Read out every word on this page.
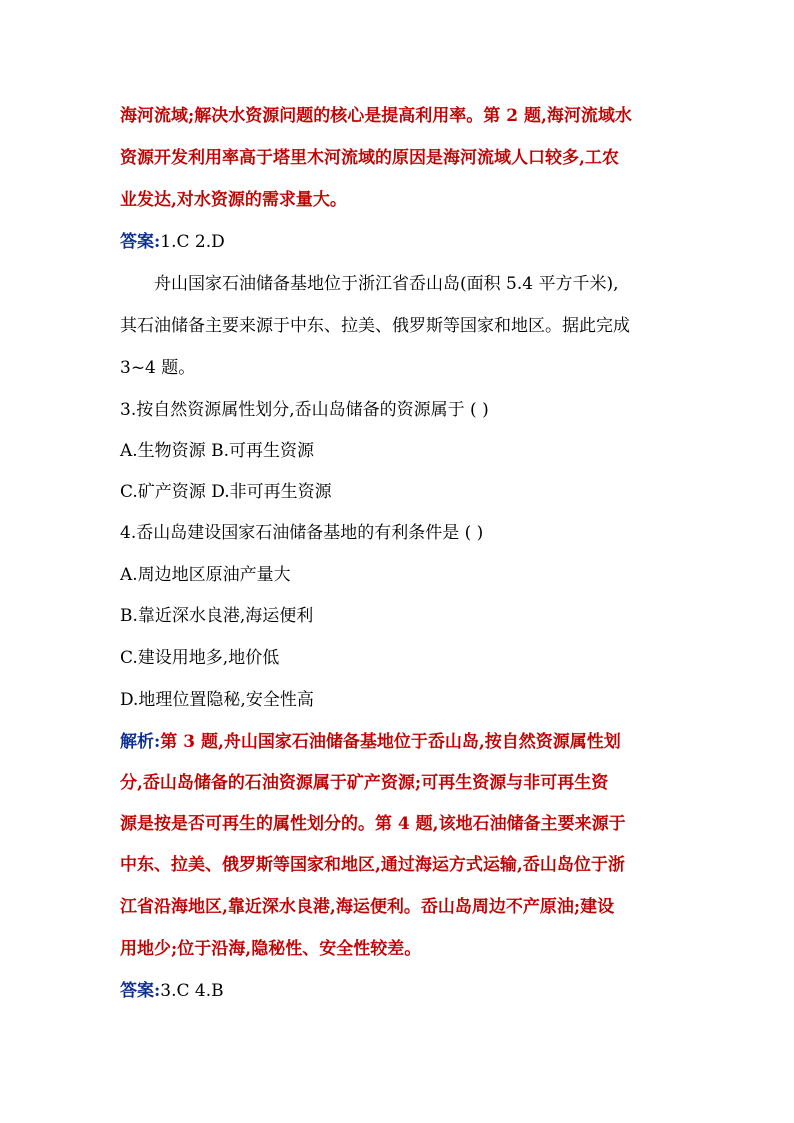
海河流域;解决水资源问题的核心是提高利用率。第 2 题,海河流域水
资源开发利用率高于塔里木河流域的原因是海河流域人口较多,工农
业发达,对水资源的需求量大。
答案:1.C 2.D
舟山国家石油储备基地位于浙江省岙山岛(面积 5.4 平方千米),
其石油储备主要来源于中东、拉美、俄罗斯等国家和地区。据此完成
3~4 题。
3.按自然资源属性划分,岙山岛储备的资源属于 ( )
A.生物资源 B.可再生资源
C.矿产资源 D.非可再生资源
4.岙山岛建设国家石油储备基地的有利条件是 ( )
A.周边地区原油产量大
B.靠近深水良港,海运便利
C.建设用地多,地价低
D.地理位置隐秘,安全性高
解析:第 3 题,舟山国家石油储备基地位于岙山岛,按自然资源属性划
分,岙山岛储备的石油资源属于矿产资源;可再生资源与非可再生资
源是按是否可再生的属性划分的。第 4 题,该地石油储备主要来源于
中东、拉美、俄罗斯等国家和地区,通过海运方式运输,岙山岛位于浙
江省沿海地区,靠近深水良港,海运便利。岙山岛周边不产原油;建设
用地少;位于沿海,隐秘性、安全性较差。
答案:3.C 4.B
